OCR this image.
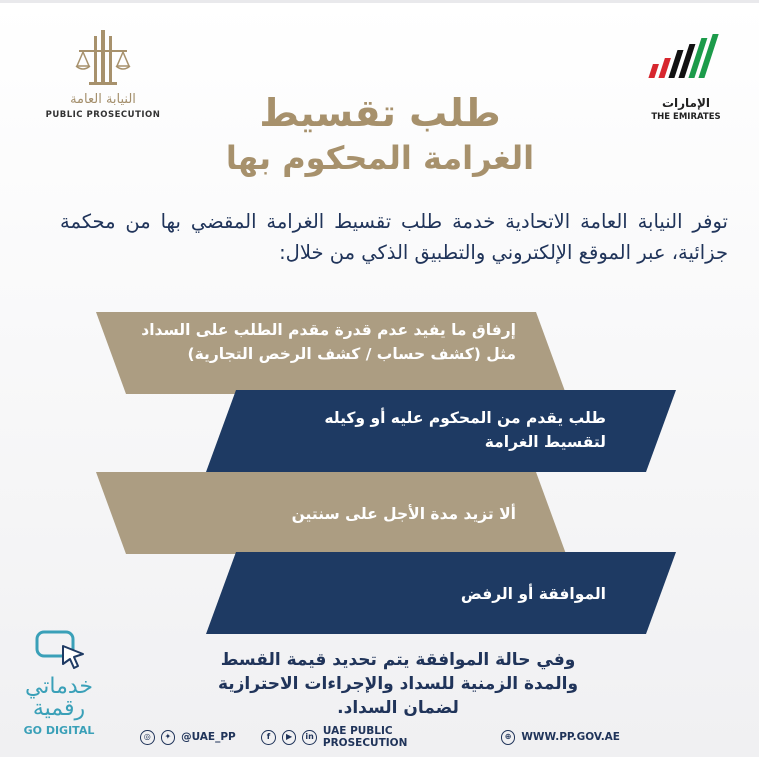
النيابة العامة
PUBLIC PROSECUTION
الإمارات
THE EMIRATES
طلب تقسيط
الغرامة المحكوم بها
توفر النيابة العامة الاتحادية خدمة طلب تقسيط الغرامة المقضي بها من محكمة جزائية، عبر الموقع الإلكتروني والتطبيق الذكي من خلال:
إرفاق ما يفيد عدم قدرة مقدم الطلب على السداد مثل (كشف حساب / كشف الرخص التجارية)
طلب يقدم من المحكوم عليه أو وكيله لتقسيط الغرامة
ألا تزيد مدة الأجل على سنتين
الموافقة أو الرفض
وفي حالة الموافقة يتم تحديد قيمة القسط والمدة الزمنية للسداد والإجراءات الاحترازية لضمان السداد.
خدماتي
رقمية
GO DIGITAL	◎	✦ @UAE_PP	f	▶	in UAE PUBLIC PROSECUTION
⊕ WWW.PP.GOV.AE
